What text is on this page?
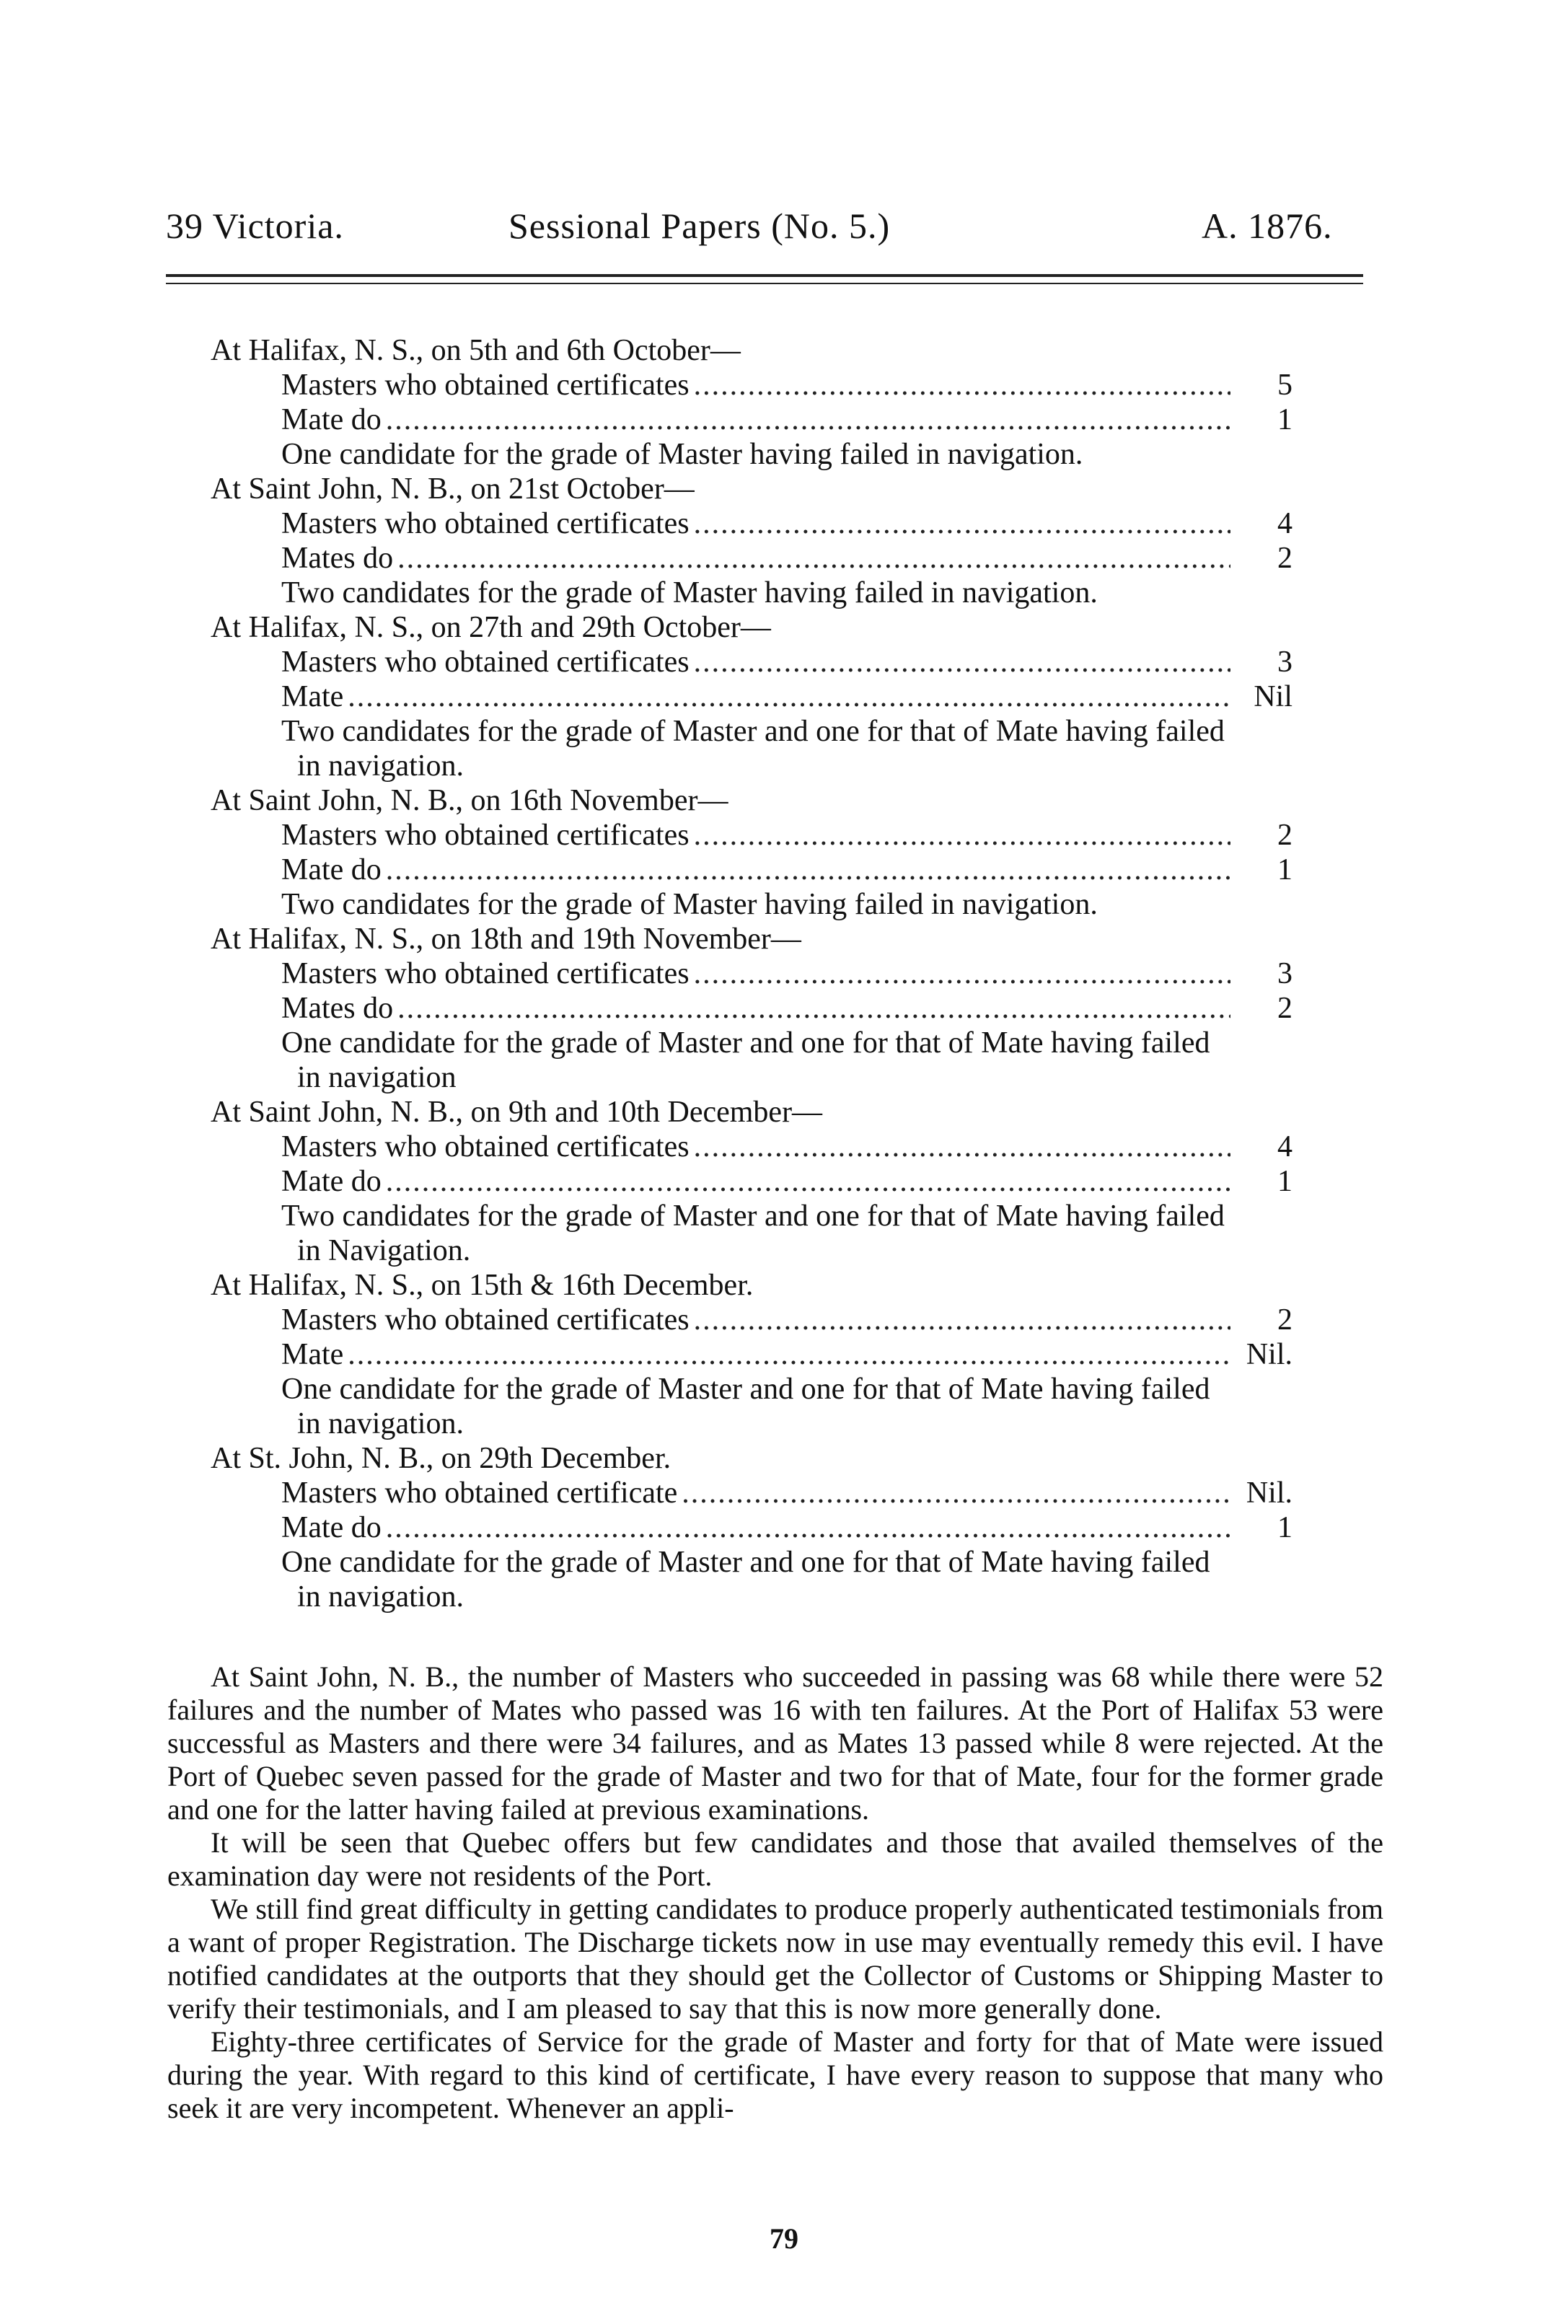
39 Victoria.	Sessional Papers (No. 5.)	A. 1876.
At Halifax, N. S., on 5th and 6th October—
Masters who obtained certificates .....	5
Mate do .....	1

One candidate for the grade of Master having failed in navigation.

At Saint John, N. B., on 21st October—
Masters who obtained certificates .....	4
Mates do .....	2

Two candidates for the grade of Master having failed in navigation.

At Halifax, N. S., on 27th and 29th October—
Masters who obtained certificates .....	3
Mate .....	Nil

Two candidates for the grade of Master and one for that of Mate having failed in navigation.

At Saint John, N. B., on 16th November—
Masters who obtained certificates .....	2
Mate do .....	1

Two candidates for the grade of Master having failed in navigation.

At Halifax, N. S., on 18th and 19th November—
Masters who obtained certificates .....	3
Mates do .....	2

One candidate for the grade of Master and one for that of Mate having failed in navigation

At Saint John, N. B., on 9th and 10th December—
Masters who obtained certificates .....	4
Mate do .....	1

Two candidates for the grade of Master and one for that of Mate having failed in Navigation.

At Halifax, N. S., on 15th & 16th December.
Masters who obtained certificates .....	2
Mate .....	Nil.

One candidate for the grade of Master and one for that of Mate having failed in navigation.

At St. John, N. B., on 29th December.
Masters who obtained certificate .....	Nil.
Mate do .....	1

One candidate for the grade of Master and one for that of Mate having failed in navigation.

At Saint John, N. B., the number of Masters who succeeded in passing was 68 while there were 52 failures and the number of Mates who passed was 16 with ten failures. At the Port of Halifax 53 were successful as Masters and there were 34 failures, and as Mates 13 passed while 8 were rejected. At the Port of Quebec seven passed for the grade of Master and two for that of Mate, four for the former grade and one for the latter having failed at previous examinations.

It will be seen that Quebec offers but few candidates and those that availed themselves of the examination day were not residents of the Port.

We still find great difficulty in getting candidates to produce properly authenticated testimonials from a want of proper Registration. The Discharge tickets now in use may eventually remedy this evil. I have notified candidates at the outports that they should get the Collector of Customs or Shipping Master to verify their testimonials, and I am pleased to say that this is now more generally done.

Eighty-three certificates of Service for the grade of Master and forty for that of Mate were issued during the year. With regard to this kind of certificate, I have every reason to suppose that many who seek it are very incompetent. Whenever an appli-

79
